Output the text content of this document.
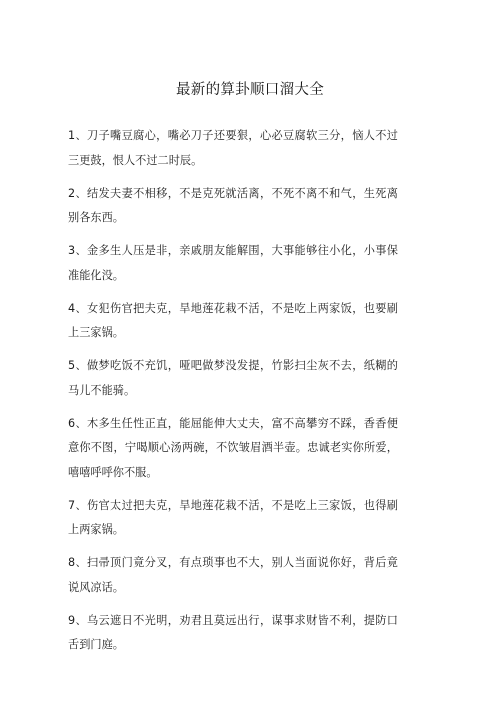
最新的算卦顺口溜大全
1、刀子嘴豆腐心，嘴必刀子还要狠，心必豆腐软三分，恼人不过三更鼓，恨人不过二时辰。
2、结发夫妻不相移，不是克死就活离，不死不离不和气，生死离别各东西。
3、金多生人压是非，亲戚朋友能解围，大事能够往小化，小事保准能化没。
4、女犯伤官把夫克，旱地莲花栽不活，不是吃上两家饭，也要刷上三家锅。
5、做梦吃饭不充饥，哑吧做梦没发提，竹影扫尘灰不去，纸糊的马儿不能骑。
6、木多生任性正直，能屈能伸大丈夫，富不高攀穷不踩，香香便意你不图，宁喝顺心汤两碗，不饮皱眉酒半壶。忠诚老实你所爱，嘻嘻呼呼你不服。
7、伤官太过把夫克，旱地莲花栽不活，不是吃上三家饭，也得刷上两家锅。
8、扫帚顶门竟分叉，有点琐事也不大，别人当面说你好，背后竟说风凉话。
9、乌云遮日不光明，劝君且莫远出行，谋事求财皆不利，提防口舌到门庭。
